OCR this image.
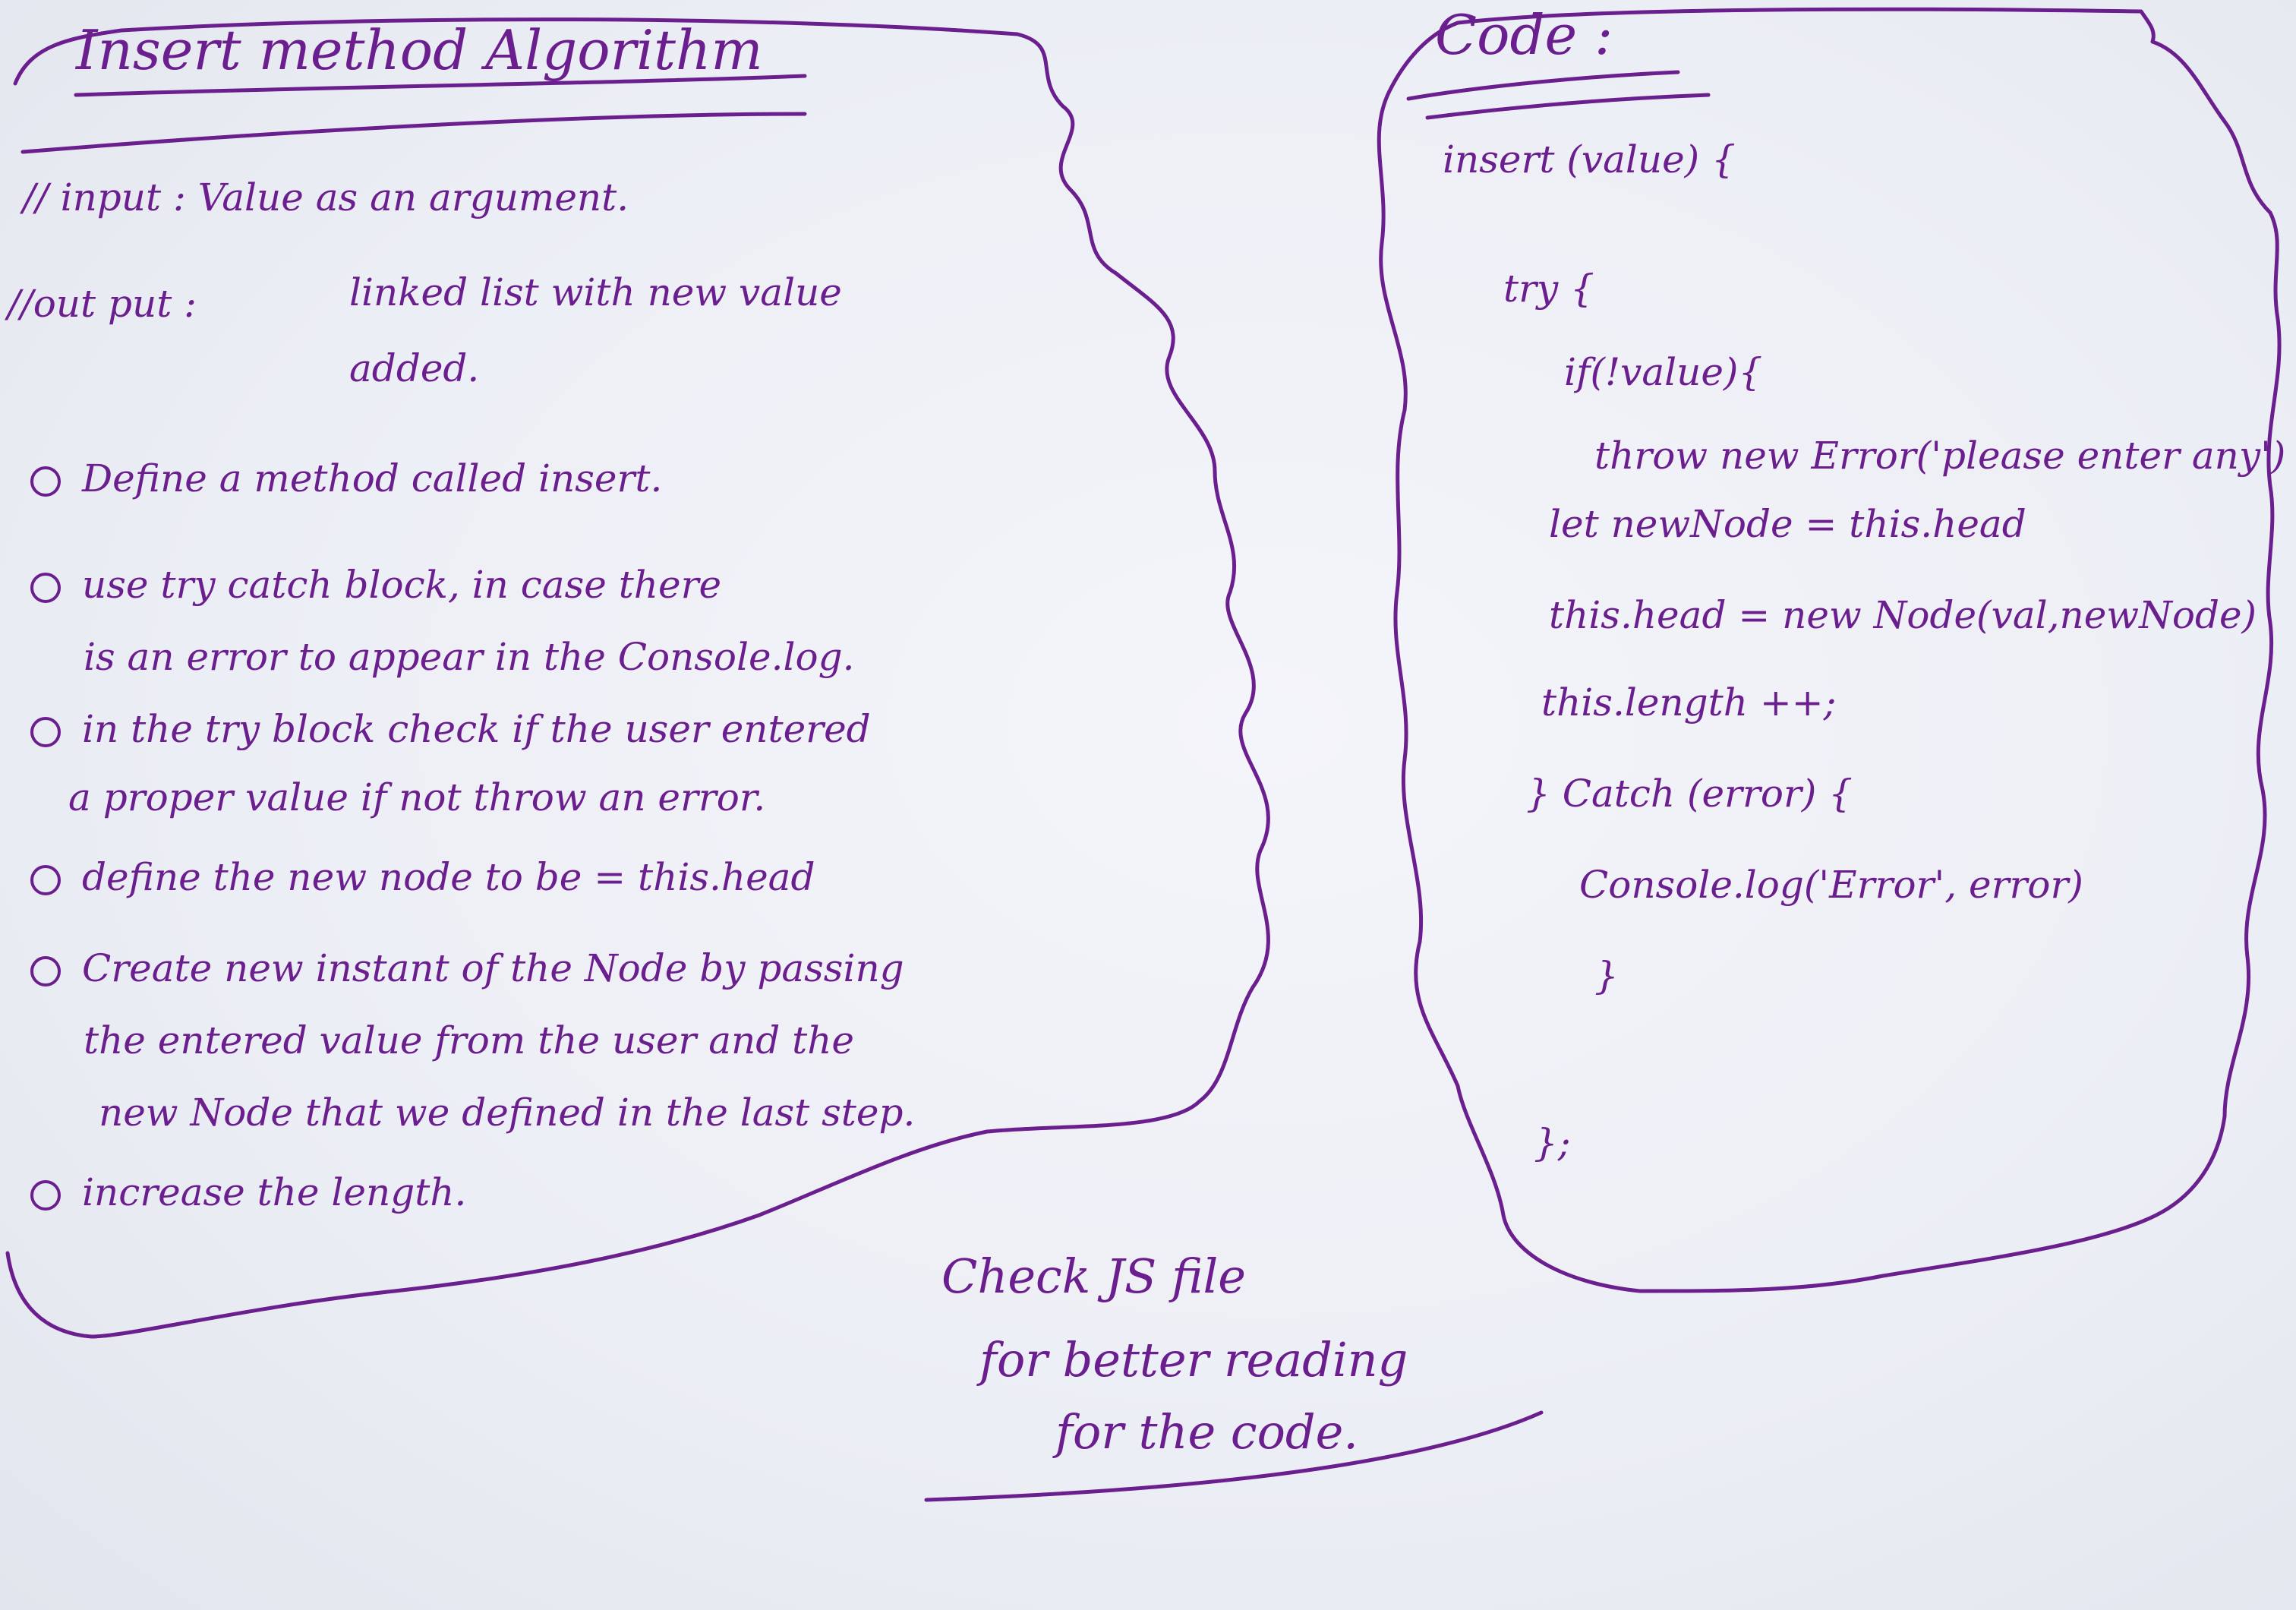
Insert method Algorithm
// input : Value as an argument.
//out put :	linked list with new value
added.
Define a method called insert.
use try catch block, in case there
is an error to appear in the Console.log.
in the try block check if the user entered
a proper value if not throw an error.
define the new node to be = this.head
Create new instant of the Node by passing
the entered value from the user and the
new Node that we defined in the last step.
increase the length.
Code :
insert (value) {
try {
if(!value){
throw new Error('please enter any')
let newNode = this.head
this.head = new Node(val,newNode)
this.length ++;
} Catch (error) {
Console.log('Error', error)
}
};
Check JS file
for better reading
for the code.
